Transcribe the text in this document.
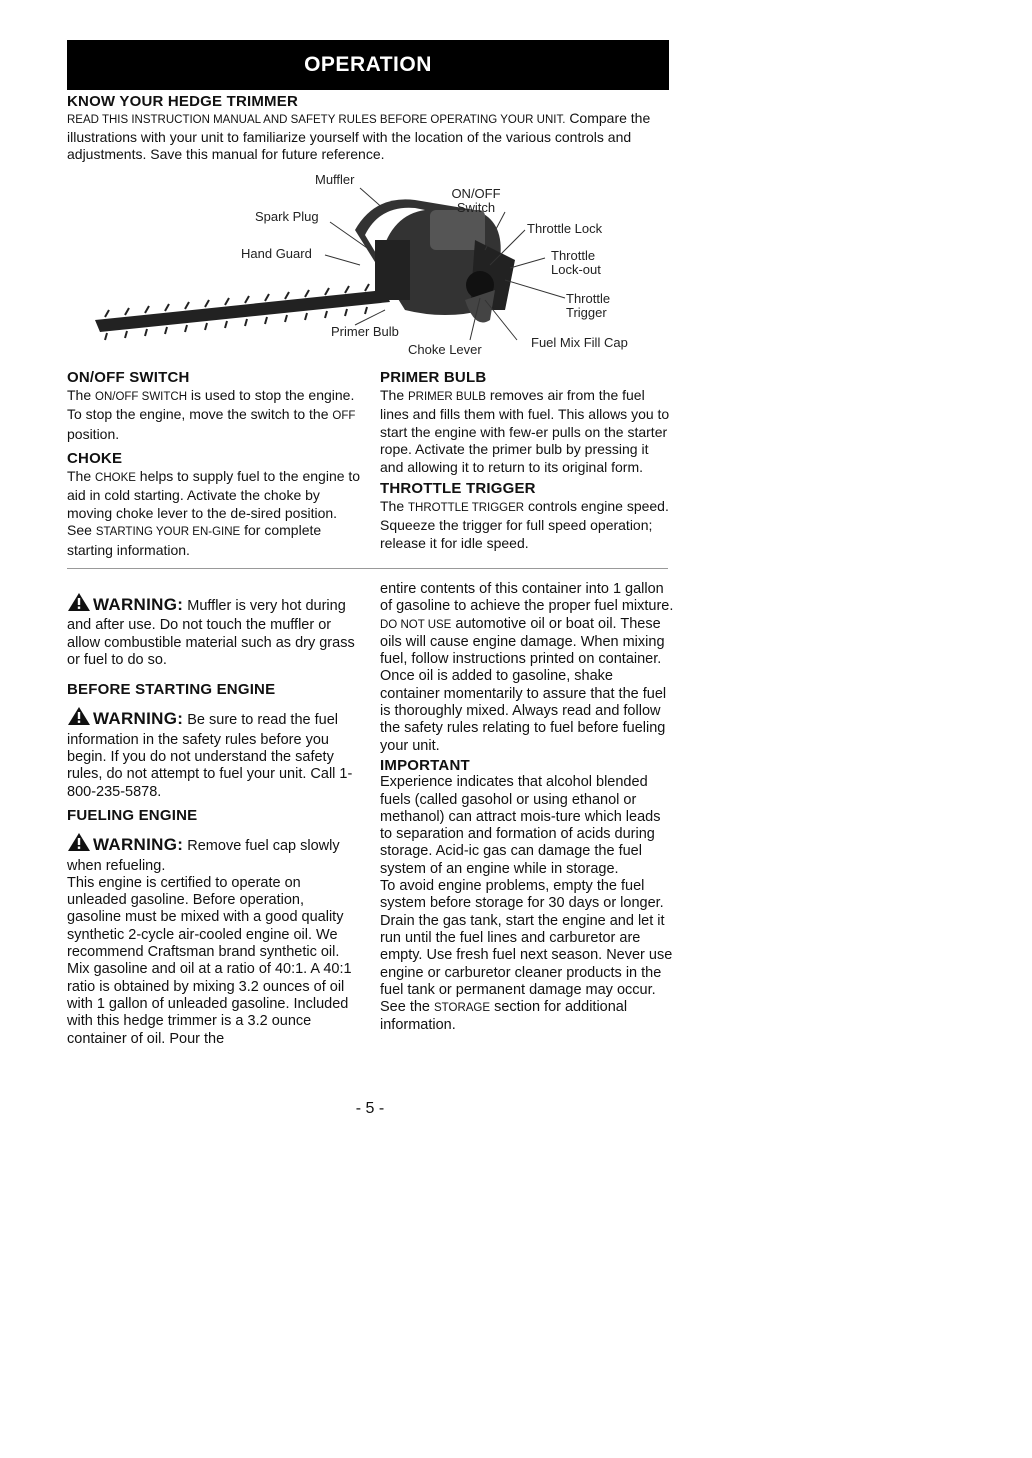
OPERATION
KNOW YOUR HEDGE TRIMMER

READ THIS INSTRUCTION MANUAL AND SAFETY RULES BEFORE OPERATING YOUR UNIT. Compare the illustrations with your unit to familiarize yourself with the location of the various controls and adjustments. Save this manual for future reference.

Muffler
ON/OFF Switch
Spark Plug
Throttle Lock
Hand Guard	Throttle Lock-out
Throttle Trigger
Primer Bulb
Choke Lever	Fuel Mix Fill Cap
ON/OFF SWITCH

The ON/OFF SWITCH is used to stop the engine. To stop the engine, move the switch to the OFF position.

CHOKE

The CHOKE helps to supply fuel to the engine to aid in cold starting. Activate the choke by moving choke lever to the de-sired position. See STARTING YOUR EN-GINE for complete starting information.

PRIMER BULB

The PRIMER BULB removes air from the fuel lines and fills them with fuel. This allows you to start the engine with few-er pulls on the starter rope. Activate the primer bulb by pressing it and allowing it to return to its original form.

THROTTLE TRIGGER

The THROTTLE TRIGGER controls engine speed. Squeeze the trigger for full speed operation; release it for idle speed.

WARNING: Muffler is very hot during and after use. Do not touch the muffler or allow combustible material such as dry grass or fuel to do so.

BEFORE STARTING ENGINE

WARNING: Be sure to read the fuel information in the safety rules before you begin. If you do not understand the safety rules, do not attempt to fuel your unit. Call 1-800-235-5878.

FUELING ENGINE

WARNING: Remove fuel cap slowly when refueling.

This engine is certified to operate on unleaded gasoline. Before operation, gasoline must be mixed with a good quality synthetic 2-cycle air-cooled engine oil. We recommend Craftsman brand synthetic oil. Mix gasoline and oil at a ratio of 40:1. A 40:1 ratio is obtained by mixing 3.2 ounces of oil with 1 gallon of unleaded gasoline. Included with this hedge trimmer is a 3.2 ounce container of oil. Pour the

entire contents of this container into 1 gallon of gasoline to achieve the proper fuel mixture. DO NOT USE automotive oil or boat oil. These oils will cause engine damage. When mixing fuel, follow instructions printed on container. Once oil is added to gasoline, shake container momentarily to assure that the fuel is thoroughly mixed. Always read and follow the safety rules relating to fuel before fueling your unit.

IMPORTANT

Experience indicates that alcohol blended fuels (called gasohol or using ethanol or methanol) can attract mois-ture which leads to separation and formation of acids during storage. Acid-ic gas can damage the fuel system of an engine while in storage.

To avoid engine problems, empty the fuel system before storage for 30 days or longer. Drain the gas tank, start the engine and let it run until the fuel lines and carburetor are empty. Use fresh fuel next season. Never use engine or carburetor cleaner products in the fuel tank or permanent damage may occur. See the STORAGE section for additional information.

- 5 -
